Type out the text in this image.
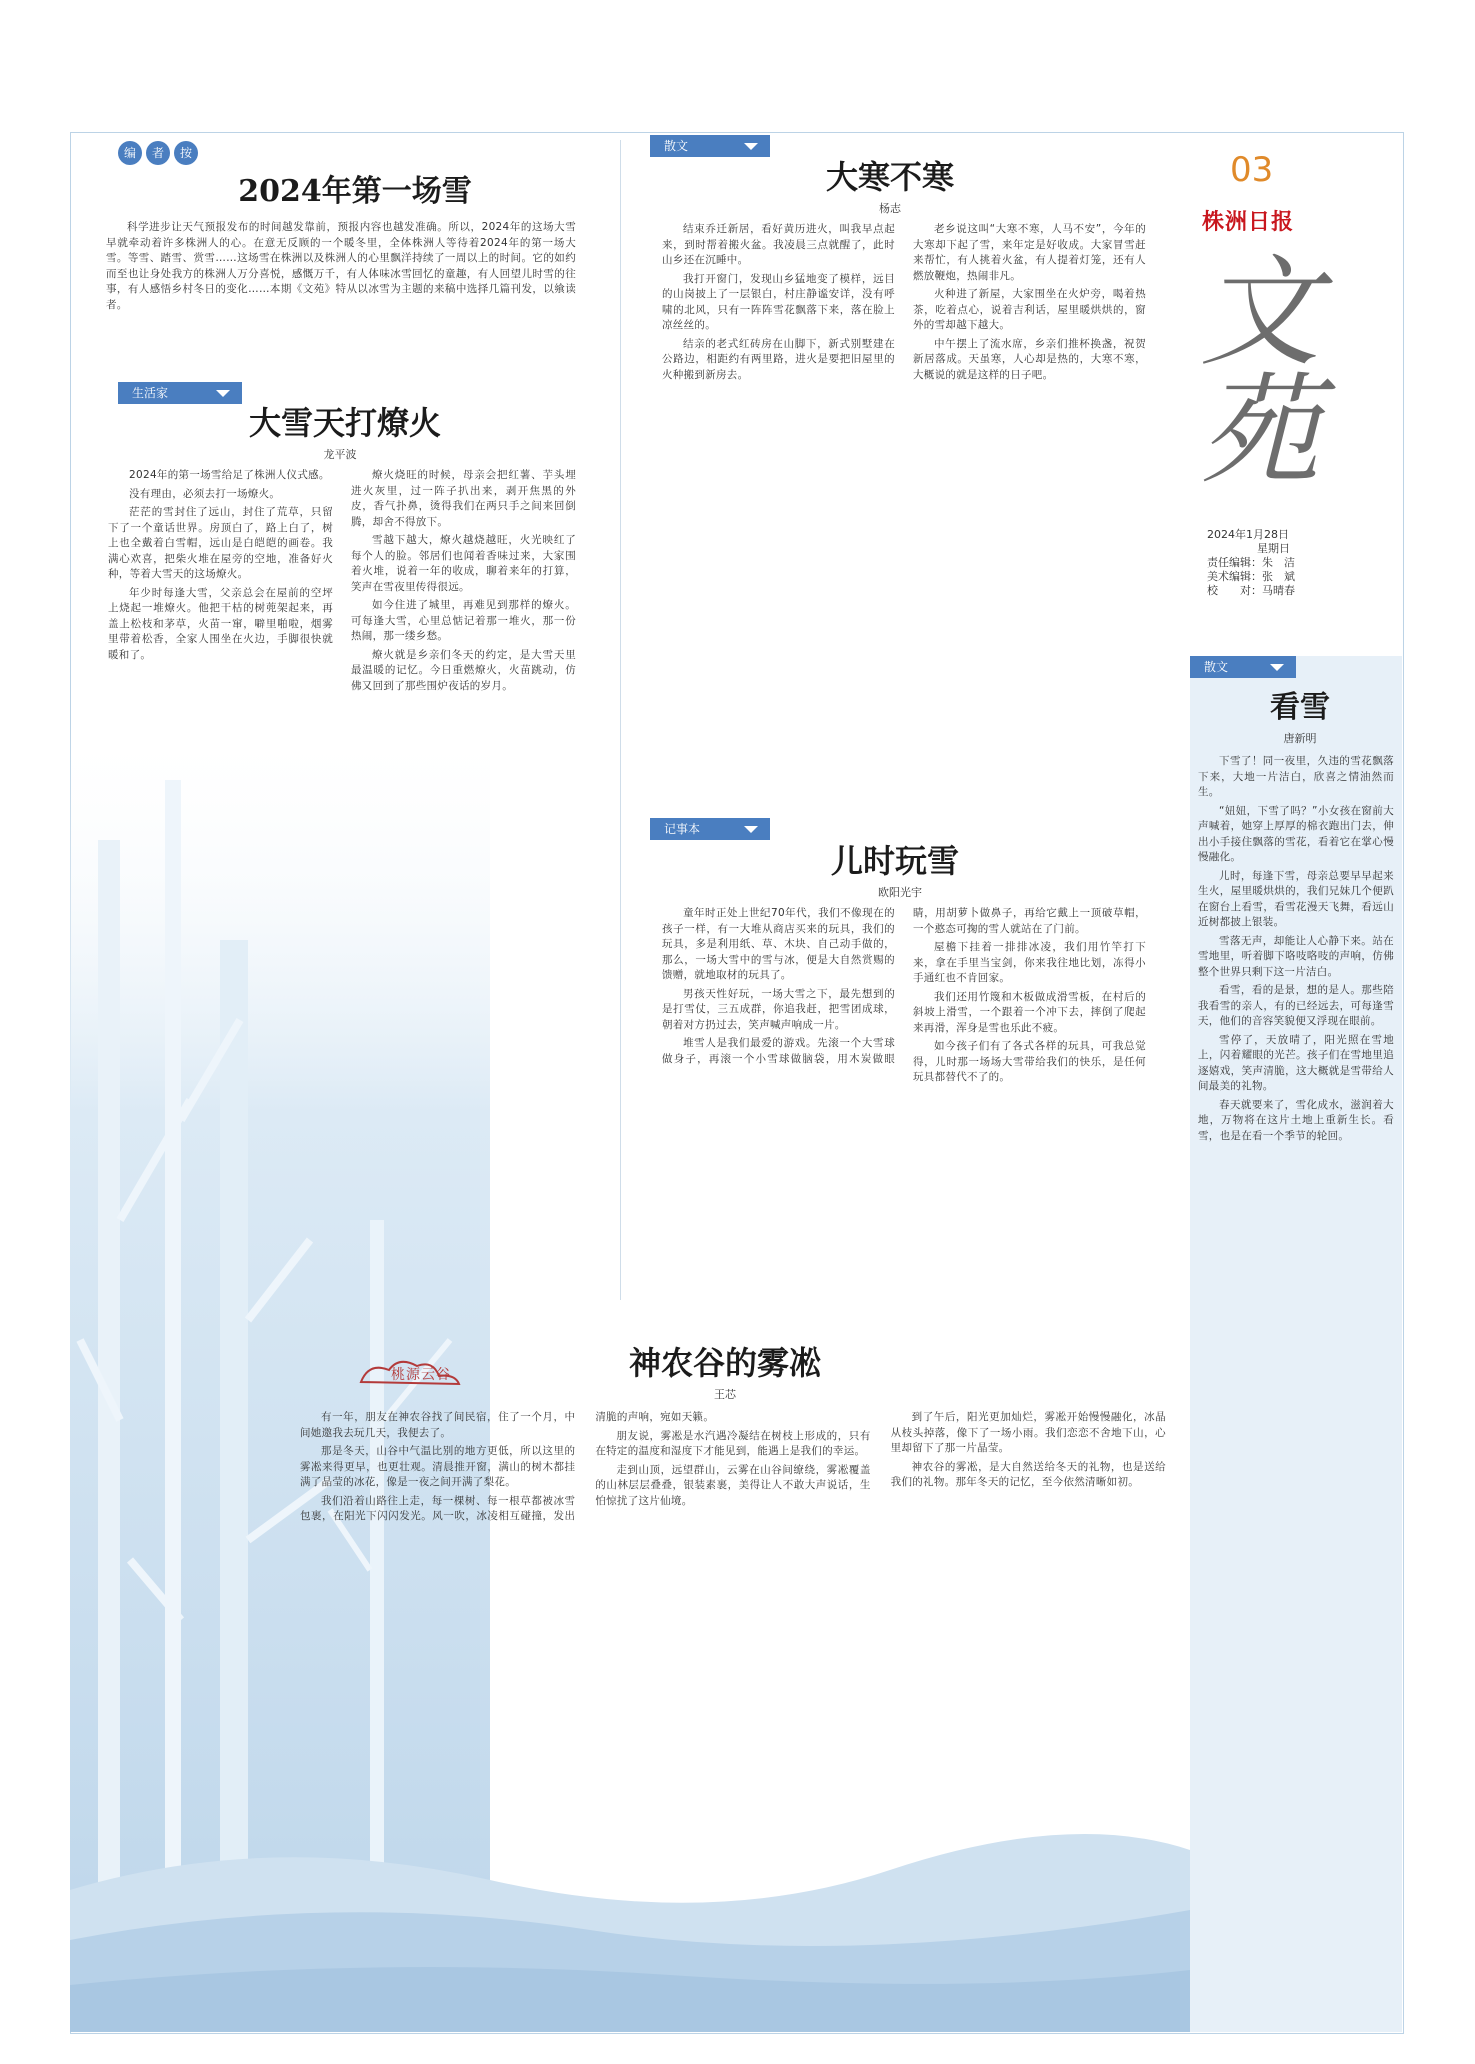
03
株洲日报
文苑
2024年1月28日
星期日
责任编辑：朱　洁
美术编辑：张　斌
校　　对：马晴春
编	者	按
2024年第一场雪

科学进步让天气预报发布的时间越发靠前，预报内容也越发准确。所以，2024年的这场大雪早就牵动着许多株洲人的心。在意无反顾的一个暖冬里，全体株洲人等待着2024年的第一场大雪。等雪、踏雪、赏雪……这场雪在株洲以及株洲人的心里飘洋持续了一周以上的时间。它的如约而至也让身处我方的株洲人万分喜悦，感慨万千，有人体味冰雪回忆的童趣，有人回望儿时雪的往事，有人感悟乡村冬日的变化……本期《文苑》特从以冰雪为主题的来稿中选择几篇刊发，以飨读者。

生活家
大雪天打燎火
龙平波

2024年的第一场雪给足了株洲人仪式感。

没有理由，必须去打一场燎火。

茫茫的雪封住了远山，封住了荒草，只留下了一个童话世界。房顶白了，路上白了，树上也全戴着白雪帽，远山是白皑皑的画卷。我满心欢喜，把柴火堆在屋旁的空地，准备好火种，等着大雪天的这场燎火。

年少时每逢大雪，父亲总会在屋前的空坪上烧起一堆燎火。他把干枯的树蔸架起来，再盖上松枝和茅草，火苗一窜，噼里啪啦，烟雾里带着松香，全家人围坐在火边，手脚很快就暖和了。

燎火烧旺的时候，母亲会把红薯、芋头埋进火灰里，过一阵子扒出来，剥开焦黑的外皮，香气扑鼻，烫得我们在两只手之间来回倒腾，却舍不得放下。

雪越下越大，燎火越烧越旺，火光映红了每个人的脸。邻居们也闻着香味过来，大家围着火堆，说着一年的收成，聊着来年的打算，笑声在雪夜里传得很远。

如今住进了城里，再难见到那样的燎火。可每逢大雪，心里总惦记着那一堆火，那一份热闹，那一缕乡愁。

燎火就是乡亲们冬天的约定，是大雪天里最温暖的记忆。今日重燃燎火，火苗跳动，仿佛又回到了那些围炉夜话的岁月。

散文
大寒不寒
杨志

结束乔迁新居，看好黄历进火，叫我早点起来，到时帮着搬火盆。我凌晨三点就醒了，此时山乡还在沉睡中。

我打开窗门，发现山乡猛地变了模样，远目的山岗披上了一层银白，村庄静谧安详，没有呼啸的北风，只有一阵阵雪花飘落下来，落在脸上凉丝丝的。

结亲的老式红砖房在山脚下，新式别墅建在公路边，相距约有两里路，进火是要把旧屋里的火种搬到新房去。

老乡说这叫“大寒不寒，人马不安”，今年的大寒却下起了雪，来年定是好收成。大家冒雪赶来帮忙，有人挑着火盆，有人提着灯笼，还有人燃放鞭炮，热闹非凡。

火种进了新屋，大家围坐在火炉旁，喝着热茶，吃着点心，说着吉利话，屋里暖烘烘的，窗外的雪却越下越大。

中午摆上了流水席，乡亲们推杯换盏，祝贺新居落成。天虽寒，人心却是热的，大寒不寒，大概说的就是这样的日子吧。

记事本
儿时玩雪
欧阳光宇

童年时正处上世纪70年代，我们不像现在的孩子一样，有一大堆从商店买来的玩具，我们的玩具，多是利用纸、草、木块、自己动手做的，那么，一场大雪中的雪与冰，便是大自然赏赐的馈赠，就地取材的玩具了。

男孩天性好玩，一场大雪之下，最先想到的是打雪仗，三五成群，你追我赶，把雪团成球，朝着对方扔过去，笑声喊声响成一片。

堆雪人是我们最爱的游戏。先滚一个大雪球做身子，再滚一个小雪球做脑袋，用木炭做眼睛，用胡萝卜做鼻子，再给它戴上一顶破草帽，一个憨态可掬的雪人就站在了门前。

屋檐下挂着一排排冰凌，我们用竹竿打下来，拿在手里当宝剑，你来我往地比划，冻得小手通红也不肯回家。

我们还用竹篾和木板做成滑雪板，在村后的斜坡上滑雪，一个跟着一个冲下去，摔倒了爬起来再滑，浑身是雪也乐此不疲。

如今孩子们有了各式各样的玩具，可我总觉得，儿时那一场场大雪带给我们的快乐，是任何玩具都替代不了的。

散文
看雪
唐新明

下雪了！同一夜里，久违的雪花飘落下来，大地一片洁白，欣喜之情油然而生。

“妞妞，下雪了吗？”小女孩在窗前大声喊着，她穿上厚厚的棉衣跑出门去，伸出小手接住飘落的雪花，看着它在掌心慢慢融化。

儿时，每逢下雪，母亲总要早早起来生火，屋里暖烘烘的，我们兄妹几个便趴在窗台上看雪，看雪花漫天飞舞，看远山近树都披上银装。

雪落无声，却能让人心静下来。站在雪地里，听着脚下咯吱咯吱的声响，仿佛整个世界只剩下这一片洁白。

看雪，看的是景，想的是人。那些陪我看雪的亲人，有的已经远去，可每逢雪天，他们的音容笑貌便又浮现在眼前。

雪停了，天放晴了，阳光照在雪地上，闪着耀眼的光芒。孩子们在雪地里追逐嬉戏，笑声清脆，这大概就是雪带给人间最美的礼物。

春天就要来了，雪化成水，滋润着大地，万物将在这片土地上重新生长。看雪，也是在看一个季节的轮回。

桃源云谷	神农谷的雾凇
王芯

有一年，朋友在神农谷找了间民宿，住了一个月，中间她邀我去玩几天，我便去了。

那是冬天，山谷中气温比别的地方更低，所以这里的雾凇来得更早，也更壮观。清晨推开窗，满山的树木都挂满了晶莹的冰花，像是一夜之间开满了梨花。

我们沿着山路往上走，每一棵树、每一根草都被冰雪包裹，在阳光下闪闪发光。风一吹，冰凌相互碰撞，发出清脆的声响，宛如天籁。

朋友说，雾凇是水汽遇冷凝结在树枝上形成的，只有在特定的温度和湿度下才能见到，能遇上是我们的幸运。

走到山顶，远望群山，云雾在山谷间缭绕，雾凇覆盖的山林层层叠叠，银装素裹，美得让人不敢大声说话，生怕惊扰了这片仙境。

到了午后，阳光更加灿烂，雾凇开始慢慢融化，冰晶从枝头掉落，像下了一场小雨。我们恋恋不舍地下山，心里却留下了那一片晶莹。

神农谷的雾凇，是大自然送给冬天的礼物，也是送给我们的礼物。那年冬天的记忆，至今依然清晰如初。
